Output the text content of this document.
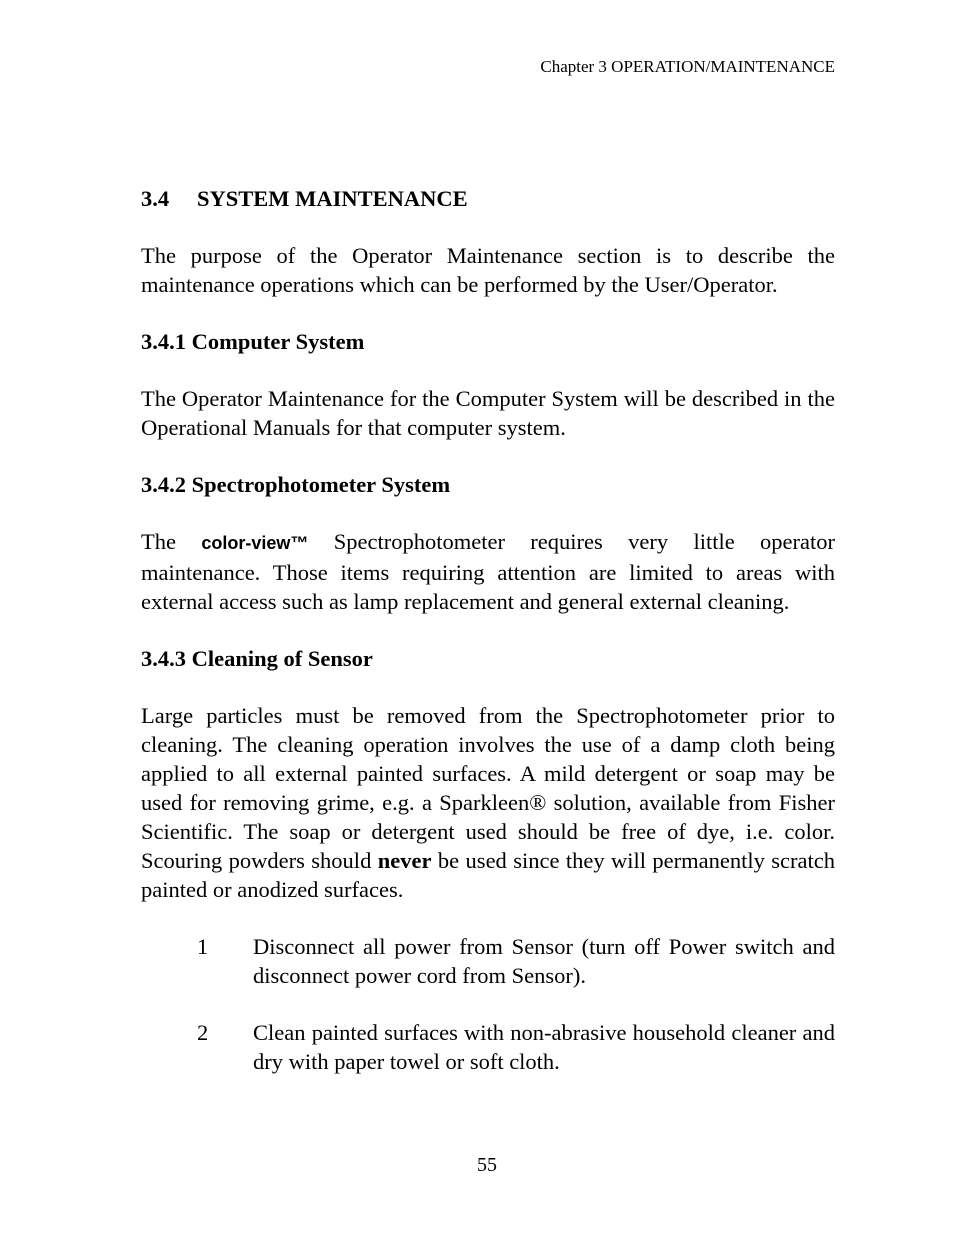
Chapter 3 OPERATION/MAINTENANCE
3.4 SYSTEM MAINTENANCE

The purpose of the Operator Maintenance section is to describe the maintenance operations which can be performed by the User/Operator.

3.4.1 Computer System

The Operator Maintenance for the Computer System will be described in the Operational Manuals for that computer system.

3.4.2 Spectrophotometer System

The color-view™ Spectrophotometer requires very little operator maintenance. Those items requiring attention are limited to areas with external access such as lamp replacement and general external cleaning.

3.4.3 Cleaning of Sensor

Large particles must be removed from the Spectrophotometer prior to cleaning. The cleaning operation involves the use of a damp cloth being applied to all external painted surfaces. A mild detergent or soap may be used for removing grime, e.g. a Sparkleen® solution, available from Fisher Scientific. The soap or detergent used should be free of dye, i.e. color. Scouring powders should never be used since they will permanently scratch painted or anodized surfaces.

1	Disconnect all power from Sensor (turn off Power switch and disconnect power cord from Sensor).
2	Clean painted surfaces with non-abrasive household cleaner and dry with paper towel or soft cloth.
55
